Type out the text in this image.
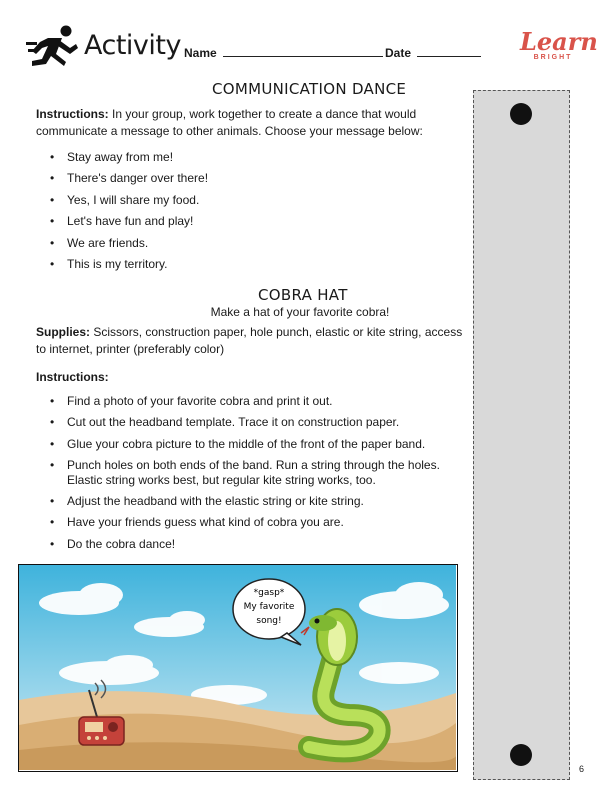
Activity Name	Date	Learn
BRIGHT
COMMUNICATION DANCE
Instructions: In your group, work together to create a dance that would communicate a message to other animals. Choose your message below:
• Stay away from me!
• There's danger over there!
• Yes, I will share my food.
• Let's have fun and play!
• We are friends.
• This is my territory.
COBRA HAT
Make a hat of your favorite cobra!
Supplies: Scissors, construction paper, hole punch, elastic or kite string, access to internet, printer (preferably color)
Instructions:
• Find a photo of your favorite cobra and print it out.
• Cut out the headband template. Trace it on construction paper.
• Glue your cobra picture to the middle of the front of the paper band.
• Punch holes on both ends of the band. Run a string through the holes. Elastic string works best, but regular kite string works, too.
• Adjust the headband with the elastic string or kite string.
• Have your friends guess what kind of cobra you are.
• Do the cobra dance!
6
*gasp*
My favorite
song!
